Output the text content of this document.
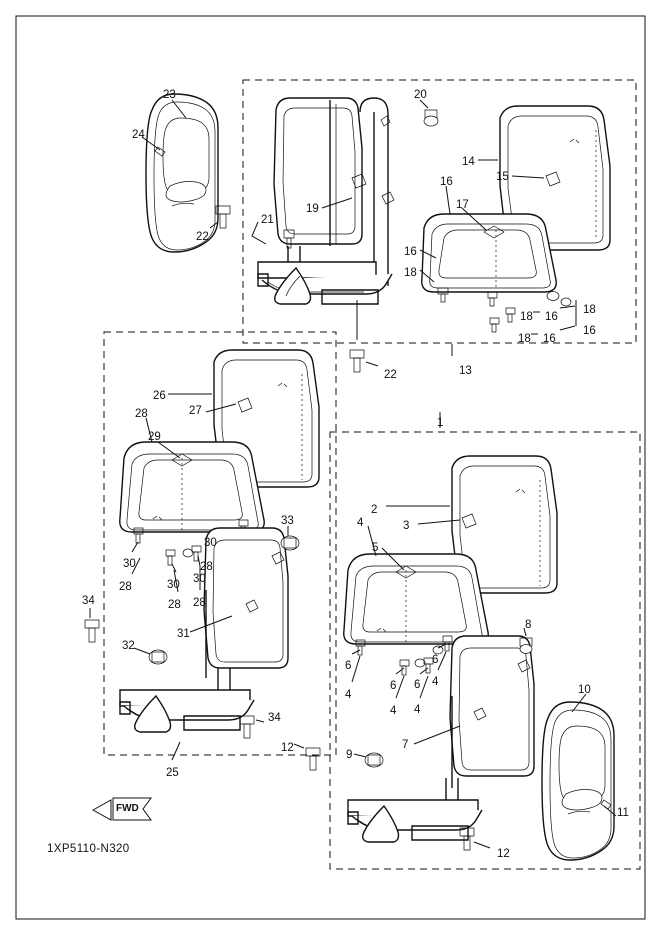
23
24
22
20
19
21
14
15
16
17
16
18
18 16
18
16
18 16
13
22
26
27
28
29
1
2
3
4
5
33
30
28
30
28	30 30
28 28
34
32
31
8
6
4
6
4
6
4
6
4
10
34
12
9
7
11
25
12
FWD
1XP5110-N320
